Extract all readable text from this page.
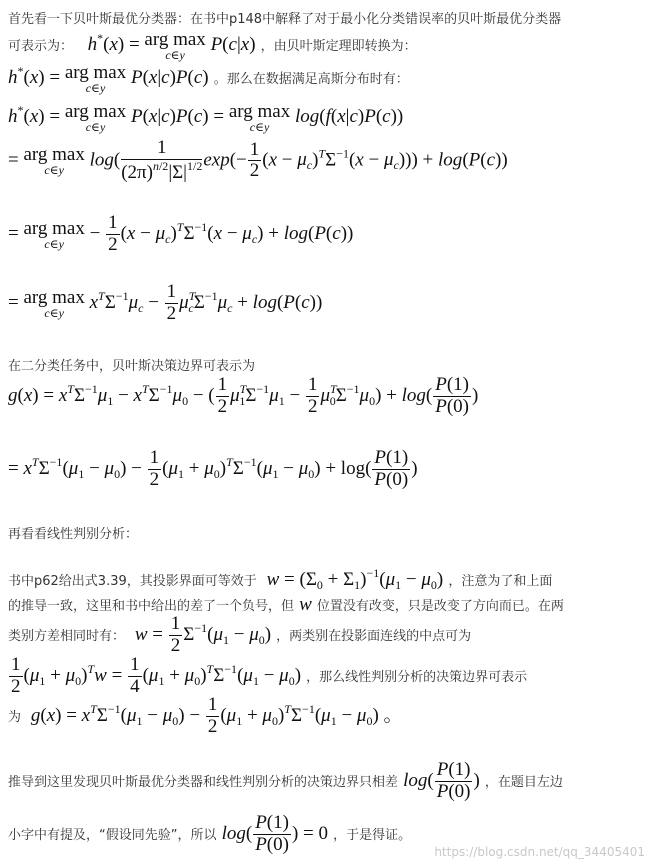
首先看一下贝叶斯最优分类器：在书中p148中解释了对于最小化分类错误率的贝叶斯最优分类器
可表示为： h*(x) = arg max
c∈y
P(c|x) ，由贝叶斯定理即转换为：
h*(x) = arg max
c∈y
P(x|c)P(c) 。那么在数据满足高斯分布时有：
h*(x) = arg max
c∈y
P(x|c)P(c) = arg max
c∈y
log(f(x|c)P(c))
= arg max
c∈y
$\log( \frac{1}{(2\pi)^{n/2}|\Sigma|^{1/2}} \exp(- \frac{1}{2} (x - \mu_c)^T\Sigma^{-1}(x - \mu_c))) + \log(P(c))$
= arg max
c∈y
− $\frac{1}{2} (x - \mu_c)^T\Sigma^{-1}(x - \mu_c) + \log(P(c))$
= arg max
c∈y
$x^T\Sigma^{-1}\mu_c - \frac{1}{2} \mu^T_c\Sigma^{-1}\mu_c + \log(P(c))$
在二分类任务中，贝叶斯决策边界可表示为
$g(x) = x^T\Sigma^{-1}\mu_1 - x^T\Sigma^{-1}\mu_0$ − ( $\frac{1}{2} \mu^T_1\Sigma^{-1}\mu_1 - \frac{1}{2} \mu^T_0\Sigma^{-1}\mu_0) + \log( \frac{P(1)}{P(0)}$ )
= $x^T\Sigma^{-1}(\mu_1 - \mu_0) - \frac{1}{2} (\mu_1 + \mu_0)^T\Sigma^{-1}(\mu_1 - \mu_0) + \log( \frac{P(1)}{P(0)}$ )
再看看线性判别分析：
书中p62给出式3.39，其投影界面可等效于 $w = (\Sigma_0 + \Sigma_1)^{-1}(\mu_1 - \mu_0)$ ，注意为了和上面
的推导一致，这里和书中给出的差了一个负号，但 w 位置没有改变，只是改变了方向而已。在两
类别方差相同时有： $w = \frac{1}{2} \Sigma^{-1}(\mu_1 - \mu_0)$ ，两类别在投影面连线的中点可为
$\frac{1}{2} (\mu_1 + \mu_0)^Tw = \frac{1}{4} (\mu_1 + \mu_0)^T\Sigma^{-1}(\mu_1 - \mu_0)$ ，那么线性判别分析的决策边界可表示
为 $g(x) = x^T\Sigma^{-1}(\mu_1 - \mu_0) - \frac{1}{2} (\mu_1 + \mu_0)^T\Sigma^{-1}(\mu_1 - \mu_0)$ 。
推导到这里发现贝叶斯最优分类器和线性判别分析的决策边界只相差 $\log( \frac{P(1)}{P(0)}$ ) ，在题目左边
小字中有提及，“假设同先验”，所以 $\log( \frac{P(1)}{P(0)}$ ) = 0 ，于是得证。
https://blog.csdn.net/qq_34405401
